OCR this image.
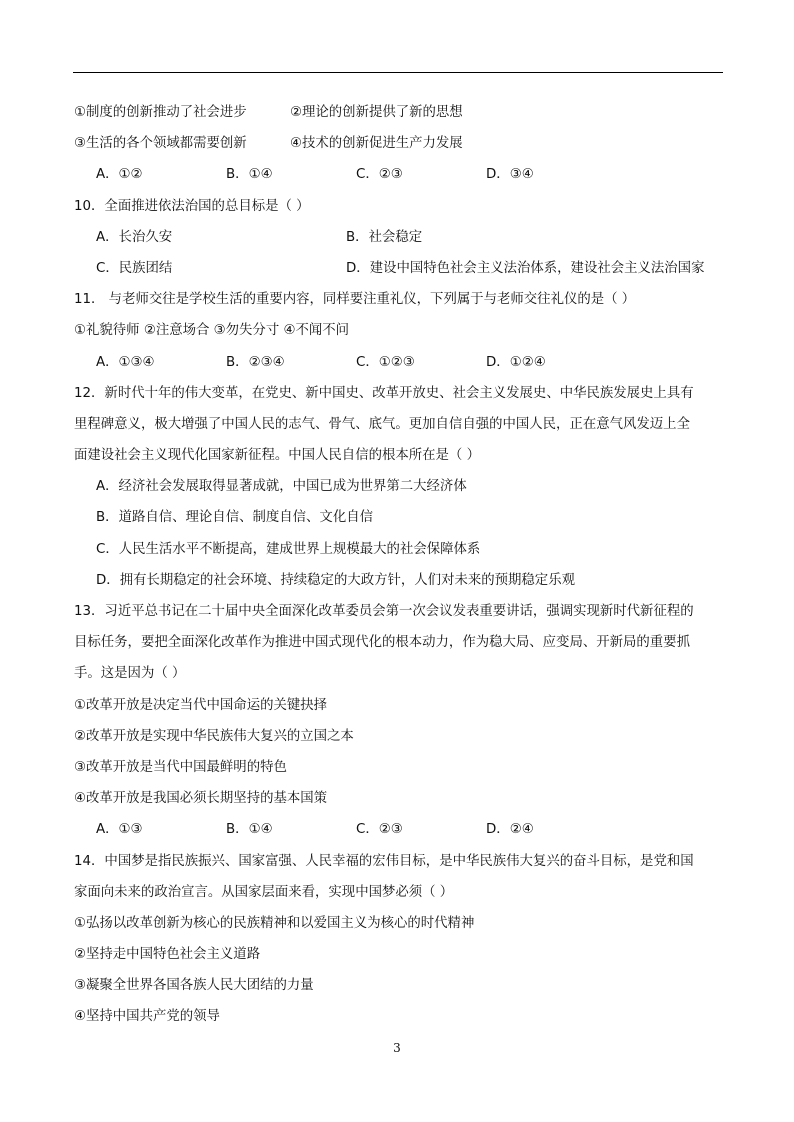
①制度的创新推动了社会进步	②理论的创新提供了新的思想
③生活的各个领域都需要创新	④技术的创新促进生产力发展
A．①②	B．①④	C．②③	D．③④
10．全面推进依法治国的总目标是（ ）
A．长治久安	B．社会稳定
C．民族团结	D．建设中国特色社会主义法治体系，建设社会主义法治国家
11． 与老师交往是学校生活的重要内容，同样要注重礼仪，下列属于与老师交往礼仪的是（ ）
①礼貌待师 ②注意场合 ③勿失分寸 ④不闻不问
A．①③④	B．②③④	C．①②③	D．①②④
12．新时代十年的伟大变革，在党史、新中国史、改革开放史、社会主义发展史、中华民族发展史上具有
里程碑意义，极大增强了中国人民的志气、骨气、底气。更加自信自强的中国人民，正在意气风发迈上全
面建设社会主义现代化国家新征程。中国人民自信的根本所在是（ ）
A．经济社会发展取得显著成就，中国已成为世界第二大经济体
B．道路自信、理论自信、制度自信、文化自信
C．人民生活水平不断提高，建成世界上规模最大的社会保障体系
D．拥有长期稳定的社会环境、持续稳定的大政方针，人们对未来的预期稳定乐观
13．习近平总书记在二十届中央全面深化改革委员会第一次会议发表重要讲话，强调实现新时代新征程的
目标任务，要把全面深化改革作为推进中国式现代化的根本动力，作为稳大局、应变局、开新局的重要抓
手。这是因为（ ）
①改革开放是决定当代中国命运的关键抉择
②改革开放是实现中华民族伟大复兴的立国之本
③改革开放是当代中国最鲜明的特色
④改革开放是我国必须长期坚持的基本国策
A．①③	B．①④	C．②③	D．②④
14．中国梦是指民族振兴、国家富强、人民幸福的宏伟目标，是中华民族伟大复兴的奋斗目标，是党和国
家面向未来的政治宣言。从国家层面来看，实现中国梦必须（ ）
①弘扬以改革创新为核心的民族精神和以爱国主义为核心的时代精神
②坚持走中国特色社会主义道路
③凝聚全世界各国各族人民大团结的力量
④坚持中国共产党的领导
3
